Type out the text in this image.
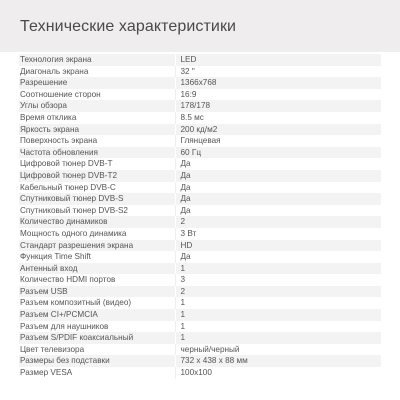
Технические характеристики
Технология экрана	LED
Диагональ экрана	32 "
Разрешение	1366x768
Соотношение сторон	16:9
Углы обзора	178/178
Время отклика	8.5 мс
Яркость экрана	200 кд/м2
Поверхность экрана	Глянцевая
Частота обновления	60 Гц
Цифровой тюнер DVB-T	Да
Цифровой тюнер DVB-T2	Да
Кабельный тюнер DVB-C	Да
Спутниковый тюнер DVB-S	Да
Спутниковый тюнер DVB-S2	Да
Количество динамиков	2
Мощность одного динамика	3 Вт
Стандарт разрешения экрана	HD
Функция Time Shift	Да
Антенный вход	1
Количество HDMI портов	3
Разъем USB	2
Разъем композитный (видео)	1
Разъем CI+/PCMCIA	1
Разъем для наушников	1
Разъем S/PDIF коаксиальный	1
Цвет телевизора	черный/черный
Размеры без подставки	732 x 438 x 88 мм
Размер VESA	100x100
